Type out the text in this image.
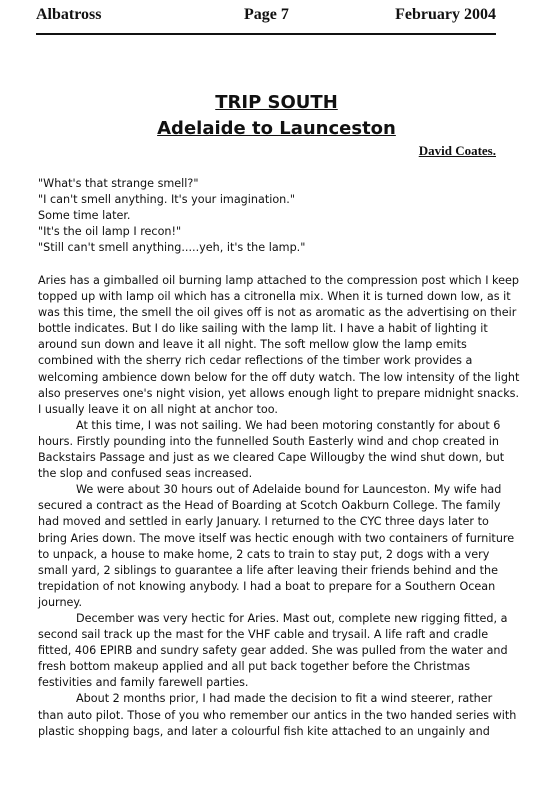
Albatross	Page 7	February 2004
TRIP SOUTH
Adelaide to Launceston
David Coates.
"What's that strange smell?"
"I can't smell anything. It's your imagination."
Some time later.
"It's the oil lamp I recon!"
"Still can't smell anything.....yeh, it's the lamp."

Aries has a gimballed oil burning lamp attached to the compression post which I keep topped up with lamp oil which has a citronella mix. When it is turned down low, as it was this time, the smell the oil gives off is not as aromatic as the advertising on their bottle indicates. But I do like sailing with the lamp lit. I have a habit of lighting it around sun down and leave it all night. The soft mellow glow the lamp emits combined with the sherry rich cedar reflections of the timber work provides a welcoming ambience down below for the off duty watch. The low intensity of the light also preserves one's night vision, yet allows enough light to prepare midnight snacks. I usually leave it on all night at anchor too.

At this time, I was not sailing. We had been motoring constantly for about 6 hours. Firstly pounding into the funnelled South Easterly wind and chop created in Backstairs Passage and just as we cleared Cape Willougby the wind shut down, but the slop and confused seas increased.

We were about 30 hours out of Adelaide bound for Launceston. My wife had secured a contract as the Head of Boarding at Scotch Oakburn College. The family had moved and settled in early January. I returned to the CYC three days later to bring Aries down. The move itself was hectic enough with two containers of furniture to unpack, a house to make home, 2 cats to train to stay put, 2 dogs with a very small yard, 2 siblings to guarantee a life after leaving their friends behind and the trepidation of not knowing anybody. I had a boat to prepare for a Southern Ocean journey.

December was very hectic for Aries. Mast out, complete new rigging fitted, a second sail track up the mast for the VHF cable and trysail. A life raft and cradle fitted, 406 EPIRB and sundry safety gear added. She was pulled from the water and fresh bottom makeup applied and all put back together before the Christmas festivities and family farewell parties.

About 2 months prior, I had made the decision to fit a wind steerer, rather than auto pilot. Those of you who remember our antics in the two handed series with plastic shopping bags, and later a colourful fish kite attached to an ungainly and
